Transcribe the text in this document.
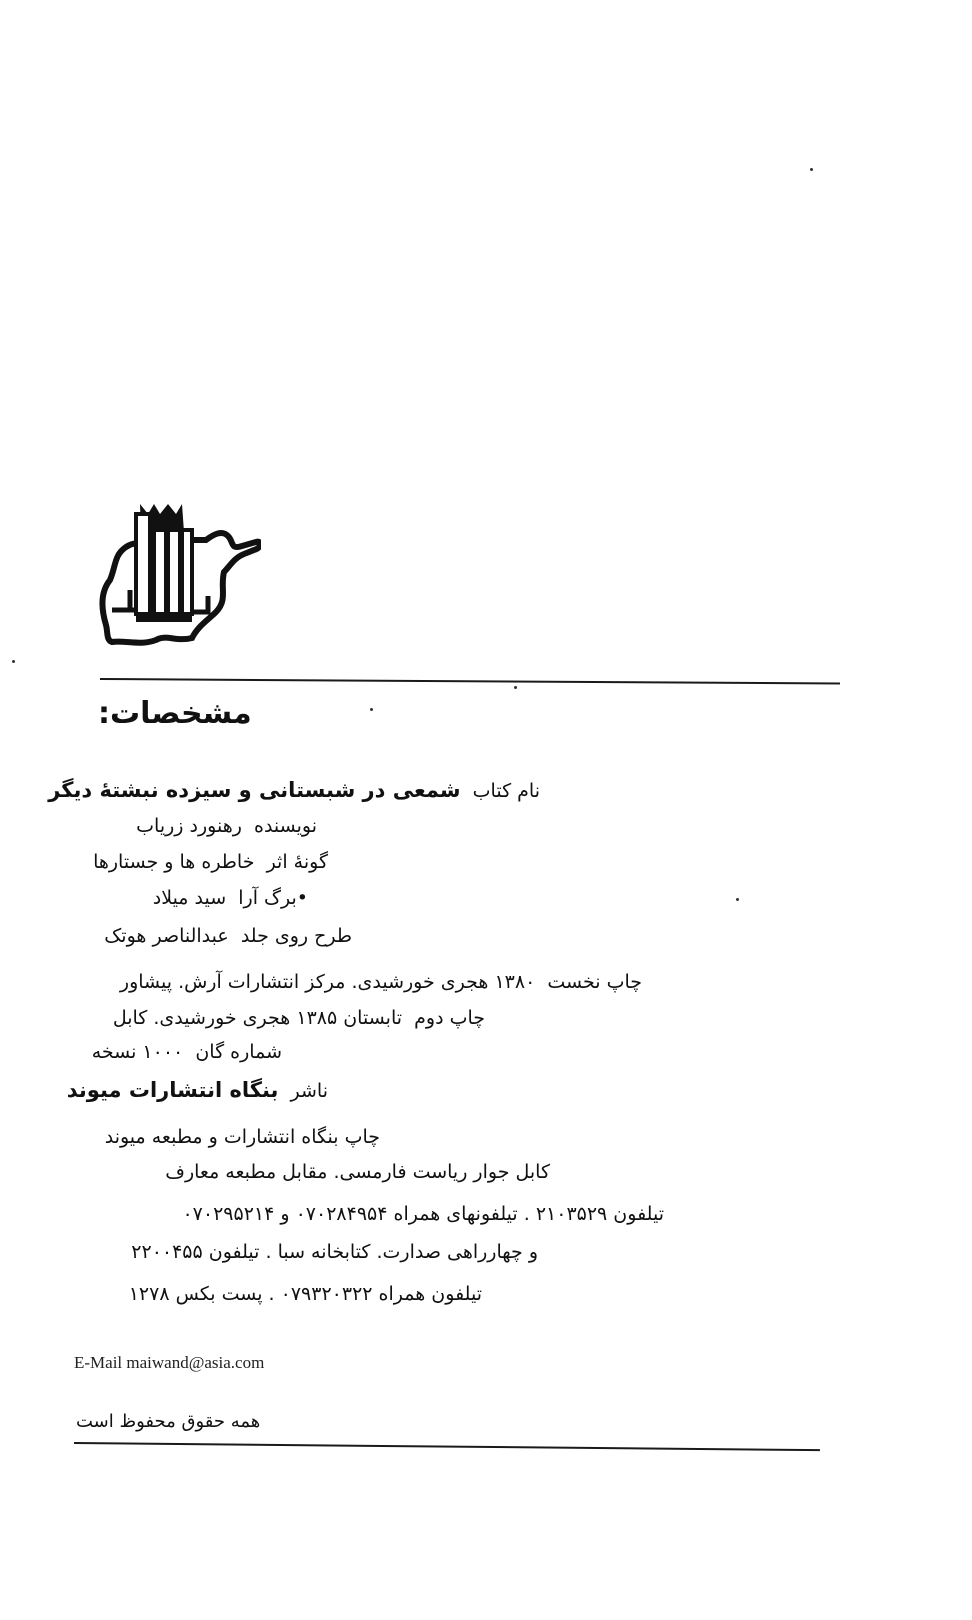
مشخصات:
نام کتاب  شمعی در شبستانی و سیزده نبشتهٔ دیگر
نویسنده  رهنورد زریاب
گونهٔ اثر  خاطره ها و جستارها
•برگ آرا  سید میلاد
طرح روی جلد  عبدالناصر هوتک
چاپ نخست  ۱۳۸۰ هجری خورشیدی. مرکز انتشارات آرش. پیشاور
چاپ دوم  تابستان ۱۳۸۵ هجری خورشیدی. کابل
شماره گان  ۱۰۰۰ نسخه
ناشر  بنگاه انتشارات میوند
چاپ بنگاه انتشارات و مطبعه میوند
کابل جوار ریاست فارمسی. مقابل مطبعه معارف
تیلفون ۲۱۰۳۵۲۹ . تیلفونهای همراه ۰۷۰۲۸۴۹۵۴ و ۰۷۰۲۹۵۲۱۴
و چهارراهی صدارت. کتابخانه سبا . تیلفون ۲۲۰۰۴۵۵
تیلفون همراه ۰۷۹۳۲۰۳۲۲ . پست بکس ۱۲۷۸
E-Mail maiwand@asia.com
همه حقوق محفوظ است
